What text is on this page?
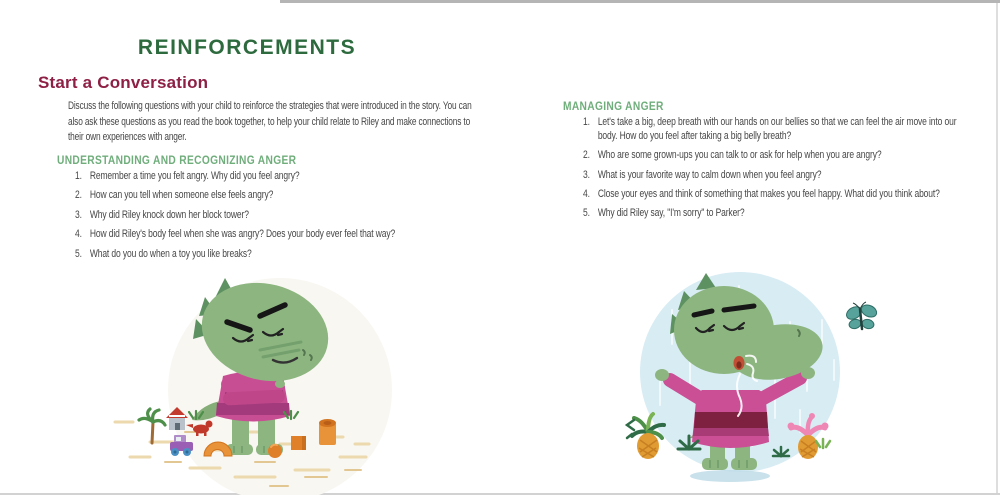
REINFORCEMENTS
Start a Conversation
Discuss the following questions with your child to reinforce the strategies that were introduced in the story. You can also ask these questions as you read the book together, to help your child relate to Riley and make connections to their own experiences with anger.
UNDERSTANDING AND RECOGNIZING ANGER
1. Remember a time you felt angry. Why did you feel angry?
2. How can you tell when someone else feels angry?
3. Why did Riley knock down her block tower?
4. How did Riley's body feel when she was angry? Does your body ever feel that way?
5. What do you do when a toy you like breaks?
MANAGING ANGER
1. Let's take a big, deep breath with our hands on our bellies so that we can feel the air move into our body. How do you feel after taking a big belly breath?
2. Who are some grown-ups you can talk to or ask for help when you are angry?
3. What is your favorite way to calm down when you feel angry?
4. Close your eyes and think of something that makes you feel happy. What did you think about?
5. Why did Riley say, "I'm sorry" to Parker?
